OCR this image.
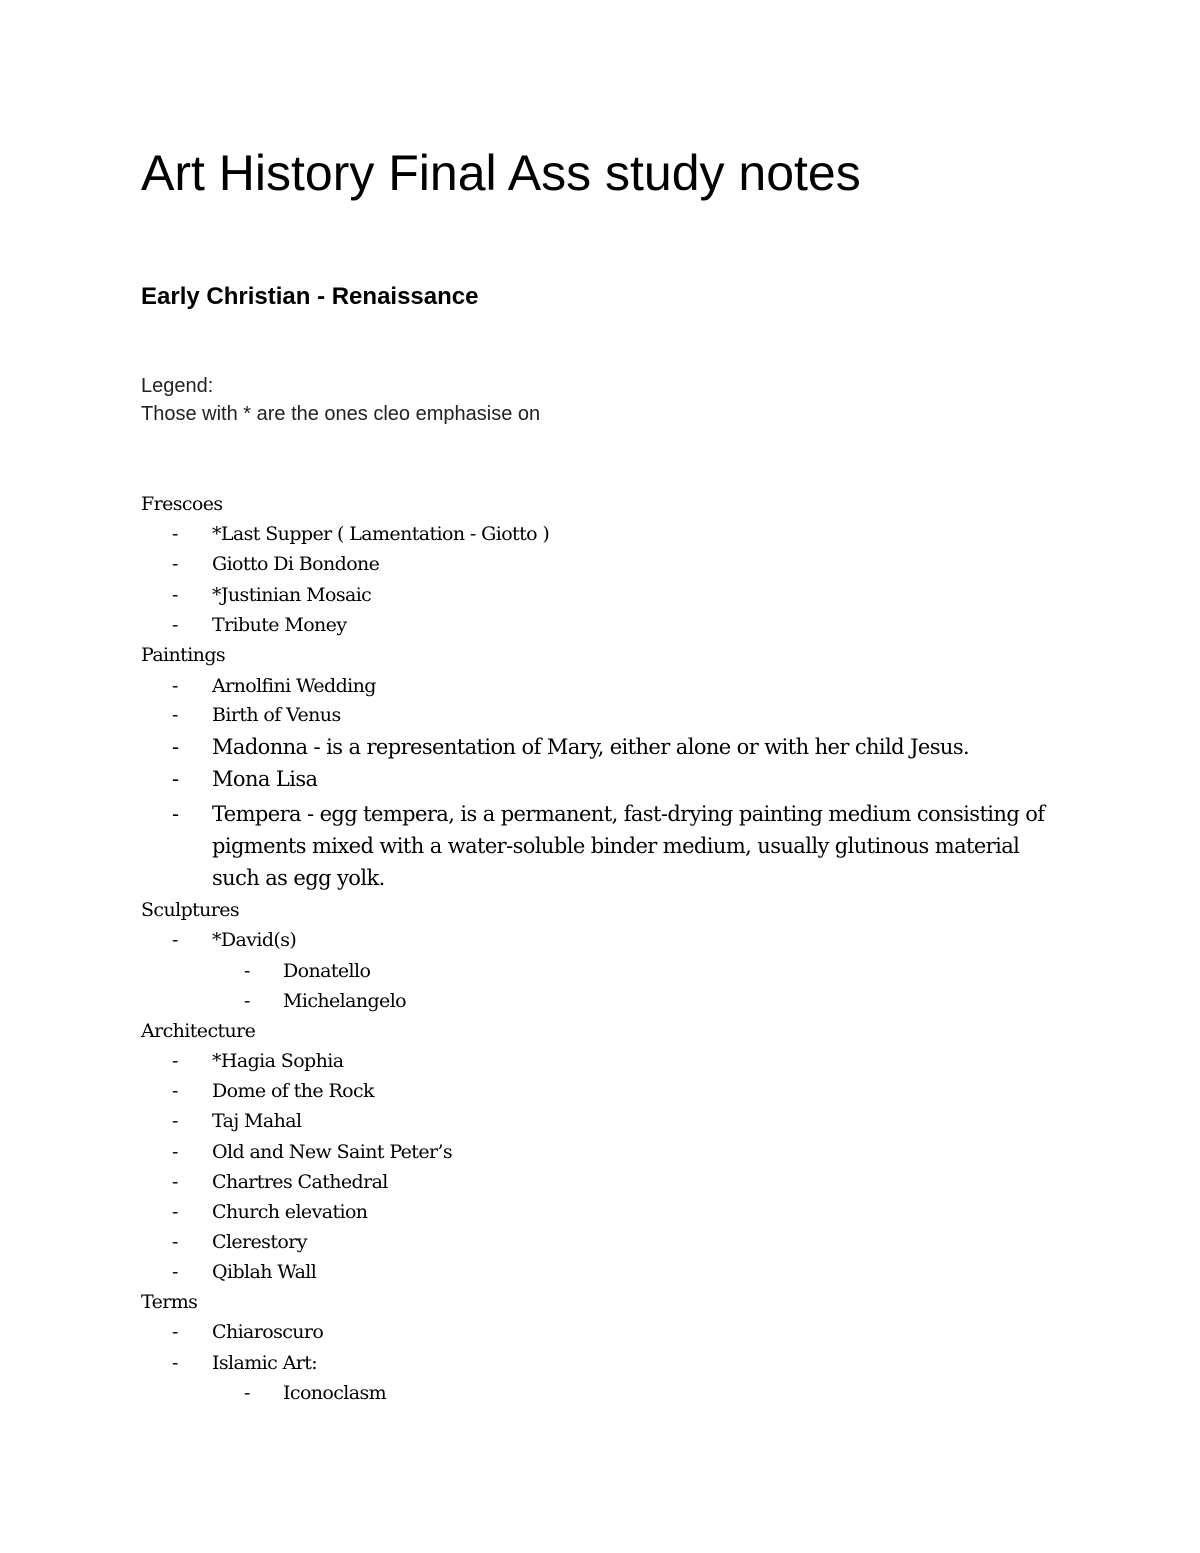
Art History Final Ass study notes
Early Christian - Renaissance
Legend:
Those with * are the ones cleo emphasise on
Frescoes
- *Last Supper ( Lamentation - Giotto )
- Giotto Di Bondone
- *Justinian Mosaic
- Tribute Money
Paintings
- Arnolfini Wedding
- Birth of Venus
- Madonna - is a representation of Mary, either alone or with her child Jesus.
- Mona Lisa
- Tempera - egg tempera, is a permanent, fast-drying painting medium consisting of pigments mixed with a water-soluble binder medium, usually glutinous material such as egg yolk.
Sculptures
- *David(s)
- Donatello
- Michelangelo
Architecture
- *Hagia Sophia
- Dome of the Rock
- Taj Mahal
- Old and New Saint Peter’s
- Chartres Cathedral
- Church elevation
- Clerestory
- Qiblah Wall
Terms
- Chiaroscuro
- Islamic Art:
- Iconoclasm
